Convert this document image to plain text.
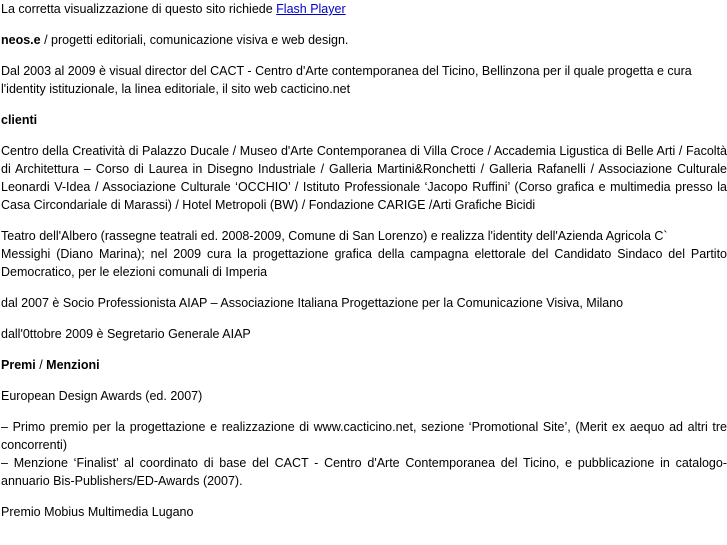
La corretta visualizzazione di questo sito richiede Flash Player

neos.e / progetti editoriali, comunicazione visiva e web design.

Dal 2003 al 2009 è visual director del CACT - Centro d'Arte contemporanea del Ticino, Bellinzona per il quale progetta e cura l'identity istituzionale, la linea editoriale, il sito web cacticino.net

clienti

Centro della Creatività di Palazzo Ducale / Museo d'Arte Contemporanea di Villa Croce / Accademia Ligustica di Belle Arti / Facoltà di Architettura – Corso di Laurea in Disegno Industriale / Galleria Martini&Ronchetti / Galleria Rafanelli / Associazione Culturale Leonardi V-Idea / Associazione Culturale ‘OCCHIO’ / Istituto Professionale ‘Jacopo Ruffini’ (Corso grafica e multimedia presso la Casa Circondariale di Marassi) / Hotel Metropoli (BW) / Fondazione CARIGE /Arti Grafiche Bicidi

Teatro dell'Albero (rassegne teatrali ed. 2008-2009, Comune di San Lorenzo) e realizza l'identity dell'Azienda Agricola C`

Messighi (Diano Marina); nel 2009 cura la progettazione grafica della campagna elettorale del Candidato Sindaco del Partito Democratico, per le elezioni comunali di Imperia

dal 2007 è Socio Professionista AIAP – Associazione Italiana Progettazione per la Comunicazione Visiva, Milano

dall'0ttobre 2009 è Segretario Generale AIAP

Premi / Menzioni

European Design Awards (ed. 2007)

– Primo premio per la progettazione e realizzazione di www.cacticino.net, sezione ‘Promotional Site’, (Merit ex aequo ad altri tre concorrenti)

– Menzione ‘Finalist’ al coordinato di base del CACT - Centro d'Arte Contemporanea del Ticino, e pubblicazione in catalogo-annuario Bis-Publishers/ED-Awards (2007).

Premio Mobius Multimedia Lugano
